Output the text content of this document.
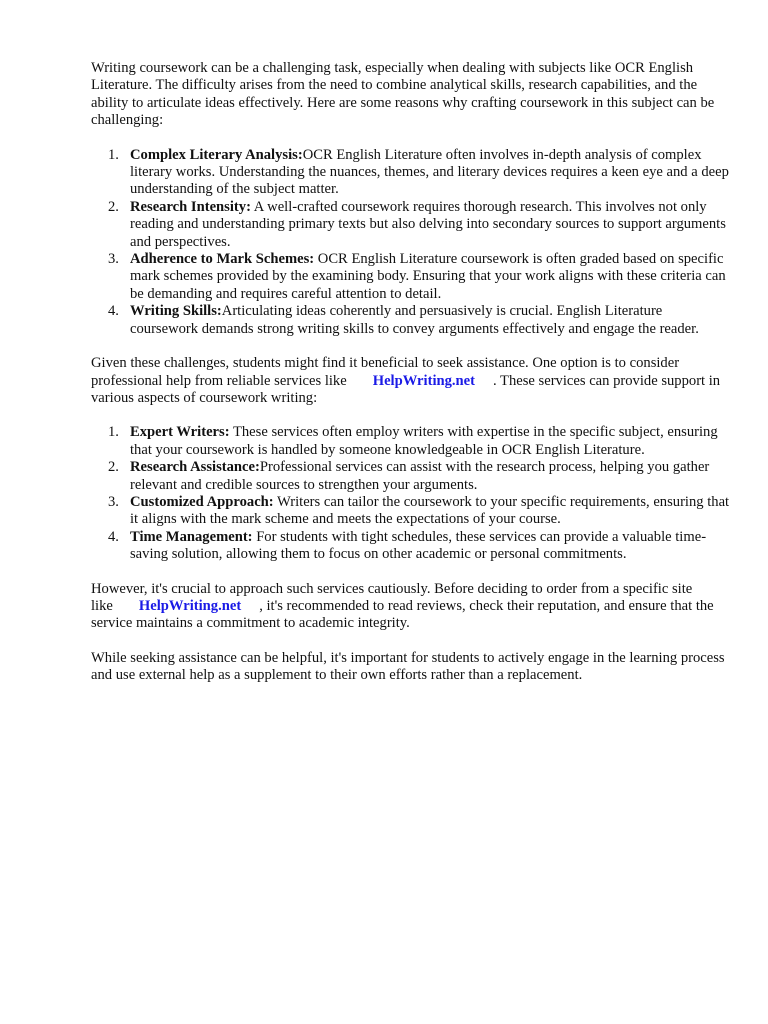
Writing coursework can be a challenging task, especially when dealing with subjects like OCR English Literature. The difficulty arises from the need to combine analytical skills, research capabilities, and the ability to articulate ideas effectively. Here are some reasons why crafting coursework in this subject can be challenging:

1. Complex Literary Analysis:OCR English Literature often involves in-depth analysis of complex literary works. Understanding the nuances, themes, and literary devices requires a keen eye and a deep understanding of the subject matter.
2. Research Intensity: A well-crafted coursework requires thorough research. This involves not only reading and understanding primary texts but also delving into secondary sources to support arguments and perspectives.
3. Adherence to Mark Schemes: OCR English Literature coursework is often graded based on specific mark schemes provided by the examining body. Ensuring that your work aligns with these criteria can be demanding and requires careful attention to detail.
4. Writing Skills:Articulating ideas coherently and persuasively is crucial. English Literature coursework demands strong writing skills to convey arguments effectively and engage the reader.

Given these challenges, students might find it beneficial to seek assistance. One option is to consider professional help from reliable services like HelpWriting.net . These services can provide support in various aspects of coursework writing:

1. Expert Writers: These services often employ writers with expertise in the specific subject, ensuring that your coursework is handled by someone knowledgeable in OCR English Literature.
2. Research Assistance:Professional services can assist with the research process, helping you gather relevant and credible sources to strengthen your arguments.
3. Customized Approach: Writers can tailor the coursework to your specific requirements, ensuring that it aligns with the mark scheme and meets the expectations of your course.
4. Time Management: For students with tight schedules, these services can provide a valuable time-saving solution, allowing them to focus on other academic or personal commitments.

However, it's crucial to approach such services cautiously. Before deciding to order from a specific site like HelpWriting.net , it's recommended to read reviews, check their reputation, and ensure that the service maintains a commitment to academic integrity.

While seeking assistance can be helpful, it's important for students to actively engage in the learning process and use external help as a supplement to their own efforts rather than a replacement.
